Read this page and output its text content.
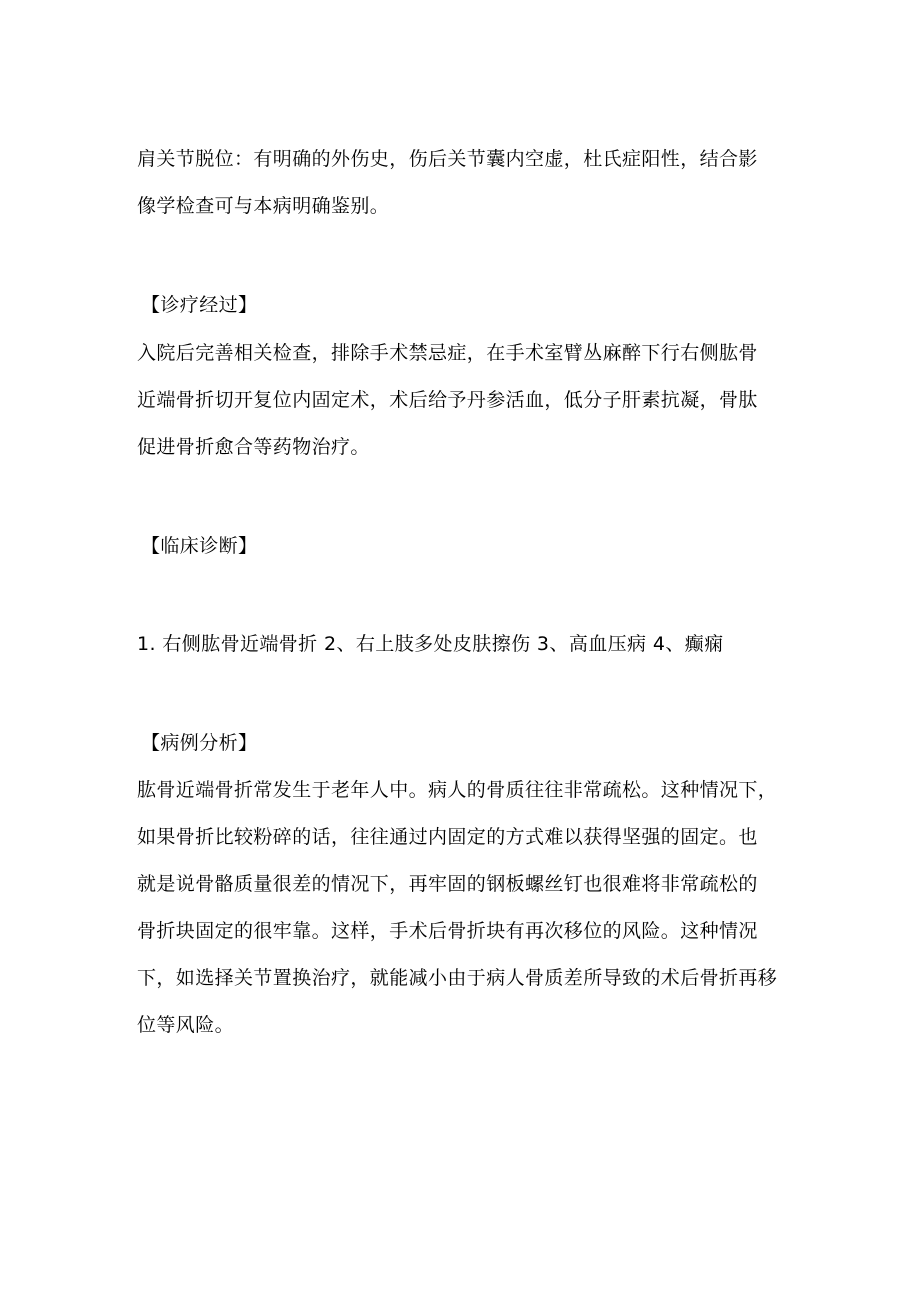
肩关节脱位：有明确的外伤史，伤后关节囊内空虚，杜氏症阳性，结合影
像学检查可与本病明确鉴别。
【诊疗经过】
入院后完善相关检查，排除手术禁忌症，在手术室臂丛麻醉下行右侧肱骨
近端骨折切开复位内固定术，术后给予丹参活血，低分子肝素抗凝，骨肽
促进骨折愈合等药物治疗。
【临床诊断】
1. 右侧肱骨近端骨折 2、右上肢多处皮肤擦伤 3、高血压病 4、癫痫
【病例分析】
肱骨近端骨折常发生于老年人中。病人的骨质往往非常疏松。这种情况下，
如果骨折比较粉碎的话，往往通过内固定的方式难以获得坚强的固定。也
就是说骨骼质量很差的情况下，再牢固的钢板螺丝钉也很难将非常疏松的
骨折块固定的很牢靠。这样，手术后骨折块有再次移位的风险。这种情况
下，如选择关节置换治疗，就能减小由于病人骨质差所导致的术后骨折再移
位等风险。
